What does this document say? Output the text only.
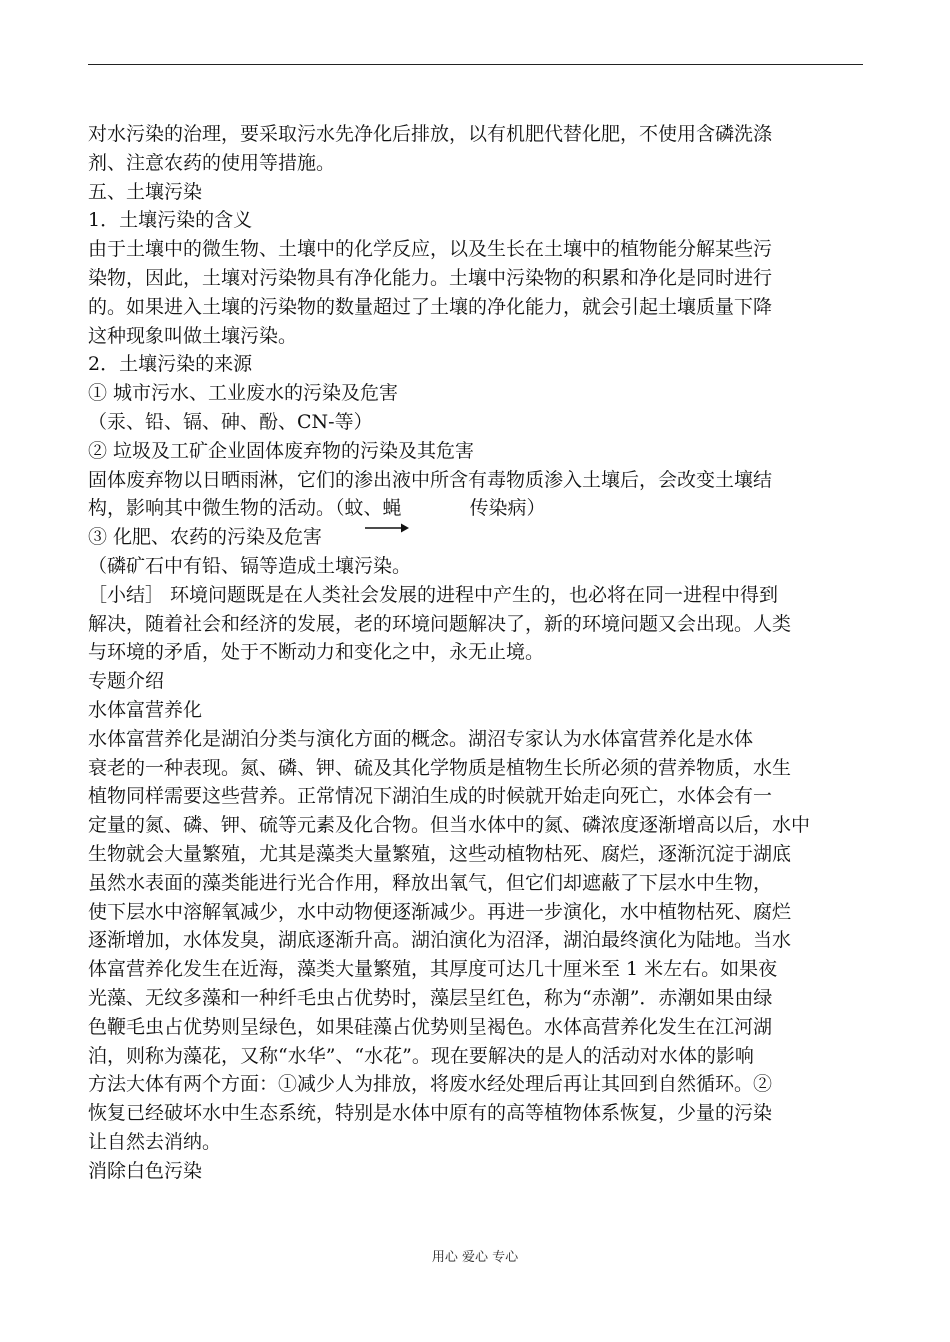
对水污染的治理，要采取污水先净化后排放，以有机肥代替化肥，不使用含磷洗涤
剂、注意农药的使用等措施。
五、土壤污染
1．土壤污染的含义
由于土壤中的微生物、土壤中的化学反应，以及生长在土壤中的植物能分解某些污
染物，因此，土壤对污染物具有净化能力。土壤中污染物的积累和净化是同时进行
的。如果进入土壤的污染物的数量超过了土壤的净化能力，就会引起土壤质量下降
这种现象叫做土壤污染。
2．土壤污染的来源
① 城市污水、工业废水的污染及危害
（汞、铅、镉、砷、酚、CN-等）
② 垃圾及工矿企业固体废弃物的污染及其危害
固体废弃物以日晒雨淋，它们的渗出液中所含有毒物质渗入土壤后，会改变土壤结
构，影响其中微生物的活动。（蚊、蝇	传染病）
③ 化肥、农药的污染及危害
（磷矿石中有铅、镉等造成土壤污染。
［小结］ 环境问题既是在人类社会发展的进程中产生的，也必将在同一进程中得到
解决，随着社会和经济的发展，老的环境问题解决了，新的环境问题又会出现。人类
与环境的矛盾，处于不断动力和变化之中，永无止境。
专题介绍
水体富营养化
水体富营养化是湖泊分类与演化方面的概念。湖沼专家认为水体富营养化是水体
衰老的一种表现。氮、磷、钾、硫及其化学物质是植物生长所必须的营养物质，水生
植物同样需要这些营养。正常情况下湖泊生成的时候就开始走向死亡，水体会有一
定量的氮、磷、钾、硫等元素及化合物。但当水体中的氮、磷浓度逐渐增高以后，水中
生物就会大量繁殖，尤其是藻类大量繁殖，这些动植物枯死、腐烂，逐渐沉淀于湖底
虽然水表面的藻类能进行光合作用，释放出氧气，但它们却遮蔽了下层水中生物，
使下层水中溶解氧减少，水中动物便逐渐减少。再进一步演化，水中植物枯死、腐烂
逐渐增加，水体发臭，湖底逐渐升高。湖泊演化为沼泽，湖泊最终演化为陆地。当水
体富营养化发生在近海，藻类大量繁殖，其厚度可达几十厘米至 1 米左右。如果夜
光藻、无纹多藻和一种纤毛虫占优势时，藻层呈红色，称为“赤潮”．赤潮如果由绿
色鞭毛虫占优势则呈绿色，如果硅藻占优势则呈褐色。水体高营养化发生在江河湖
泊，则称为藻花，又称“水华”、“水花”。现在要解决的是人的活动对水体的影响
方法大体有两个方面：①减少人为排放，将废水经处理后再让其回到自然循环。②
恢复已经破坏水中生态系统，特别是水体中原有的高等植物体系恢复，少量的污染
让自然去消纳。
消除白色污染
用心 爱心 专心
